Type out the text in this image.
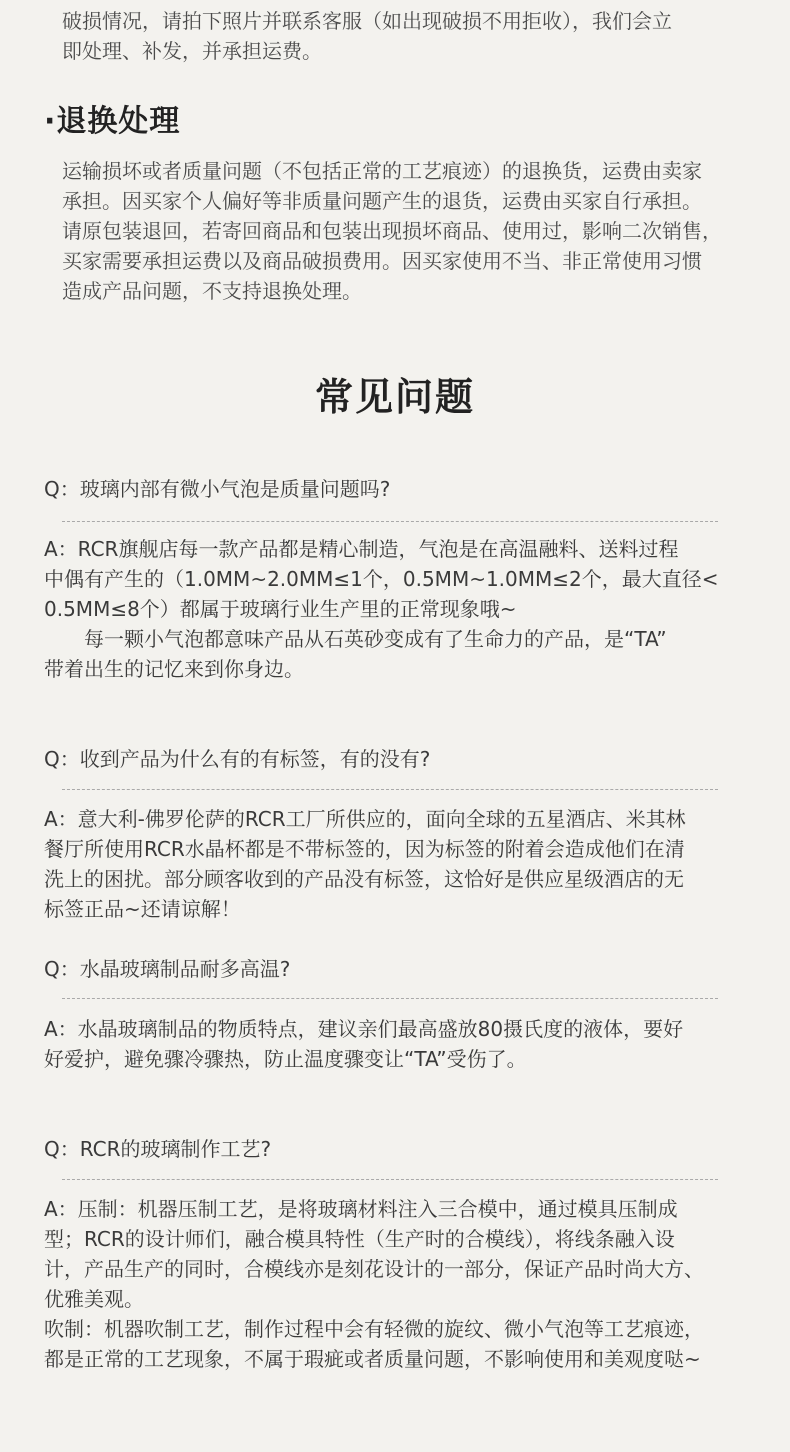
破损情况，请拍下照片并联系客服（如出现破损不用拒收），我们会立

即处理、补发，并承担运费。

·退换处理

运输损坏或者质量问题（不包括正常的工艺痕迹）的退换货，运费由卖家

承担。因买家个人偏好等非质量问题产生的退货，运费由买家自行承担。

请原包装退回，若寄回商品和包装出现损坏商品、使用过，影响二次销售，

买家需要承担运费以及商品破损费用。因买家使用不当、非正常使用习惯

造成产品问题，不支持退换处理。

常见问题
Q：玻璃内部有微小气泡是质量问题吗?

A：RCR旗舰店每一款产品都是精心制造，气泡是在高温融料、送料过程

中偶有产生的（1.0MM~2.0MM≤1个，0.5MM~1.0MM≤2个，最大直径<

0.5MM≤8个）都属于玻璃行业生产里的正常现象哦~

每一颗小气泡都意味产品从石英砂变成有了生命力的产品，是“TA”

带着出生的记忆来到你身边。

Q：收到产品为什么有的有标签，有的没有?

A：意大利-佛罗伦萨的RCR工厂所供应的，面向全球的五星酒店、米其林

餐厅所使用RCR水晶杯都是不带标签的，因为标签的附着会造成他们在清

洗上的困扰。部分顾客收到的产品没有标签，这恰好是供应星级酒店的无

标签正品~还请谅解！

Q：水晶玻璃制品耐多高温?

A：水晶玻璃制品的物质特点，建议亲们最高盛放80摄氏度的液体，要好

好爱护，避免骤冷骤热，防止温度骤变让“TA”受伤了。

Q：RCR的玻璃制作工艺?

A：压制：机器压制工艺，是将玻璃材料注入三合模中，通过模具压制成

型；RCR的设计师们，融合模具特性（生产时的合模线），将线条融入设

计，产品生产的同时，合模线亦是刻花设计的一部分，保证产品时尚大方、

优雅美观。

吹制：机器吹制工艺，制作过程中会有轻微的旋纹、微小气泡等工艺痕迹，

都是正常的工艺现象，不属于瑕疵或者质量问题，不影响使用和美观度哒~
